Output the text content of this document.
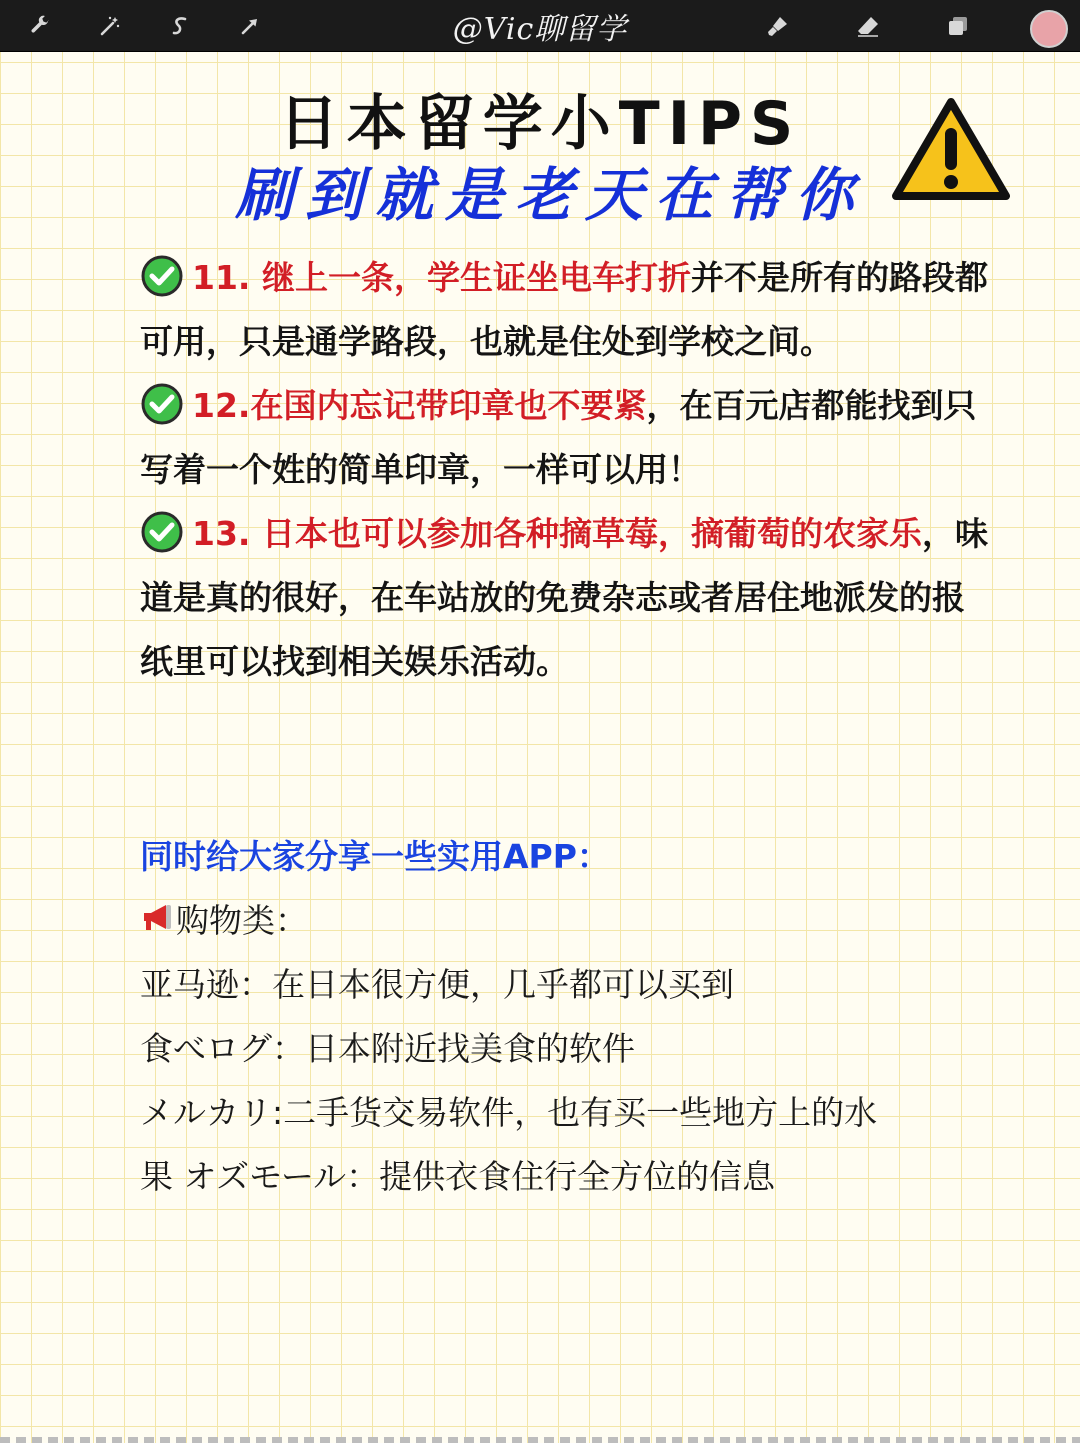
@Vic聊留学
日本留学小TIPS
刷到就是老天在帮你

11. 继上一条，学生证坐电车打折并不是所有的路段都可用，只是通学路段，也就是住处到学校之间。

12.在国内忘记带印章也不要紧，在百元店都能找到只写着一个姓的简单印章，一样可以用！

13. 日本也可以参加各种摘草莓，摘葡萄的农家乐，味道是真的很好，在车站放的免费杂志或者居住地派发的报纸里可以找到相关娱乐活动。

同时给大家分享一些实用APP：
购物类：
亚马逊：在日本很方便，几乎都可以买到
食べログ：日本附近找美食的软件
メルカリ:二手货交易软件，也有买一些地方上的水
果 オズモール：提供衣食住行全方位的信息
